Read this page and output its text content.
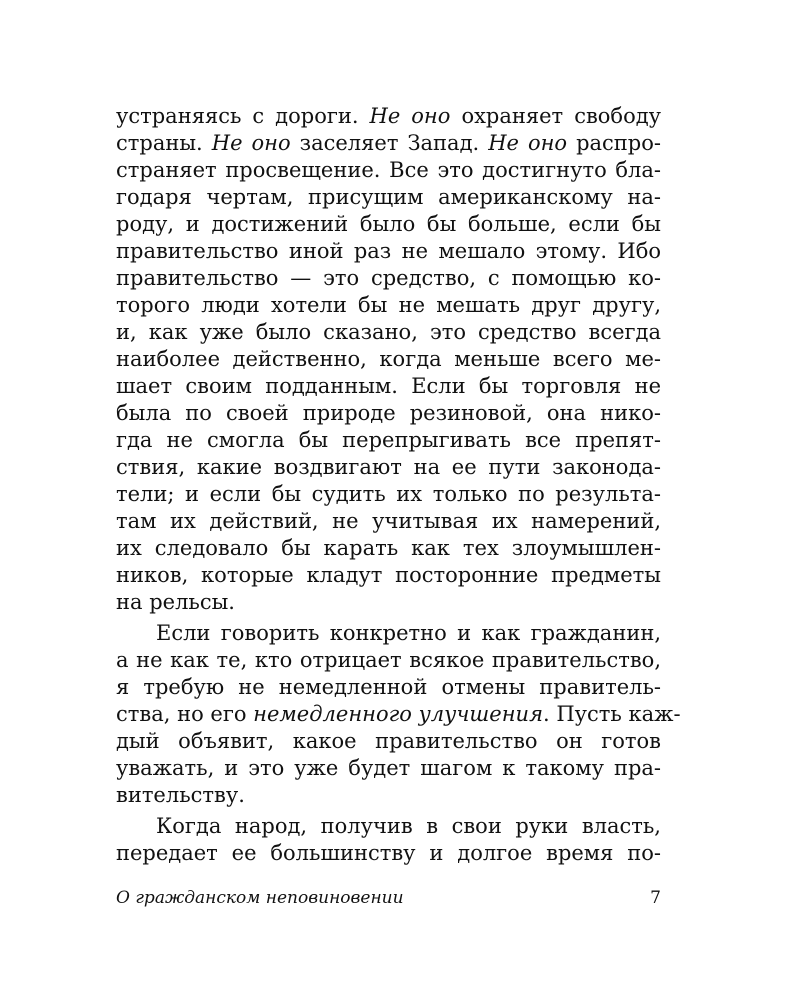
устраняясь с дороги. Не оно охраняет свободу
страны. Не оно заселяет Запад. Не оно распро-
страняет просвещение. Все это достигнуто бла-
годаря чертам, присущим американскому на-
роду, и достижений было бы больше, если бы
правительство иной раз не мешало этому. Ибо
правительство — это средство, с помощью ко-
торого люди хотели бы не мешать друг другу,
и, как уже было сказано, это средство всегда
наиболее действенно, когда меньше всего ме-
шает своим подданным. Если бы торговля не
была по своей природе резиновой, она нико-
гда не смогла бы перепрыгивать все препят-
ствия, какие воздвигают на ее пути законода-
тели; и если бы судить их только по результа-
там их действий, не учитывая их намерений,
их следовало бы карать как тех злоумышлен-
ников, которые кладут посторонние предметы
на рельсы.
Если говорить конкретно и как гражданин,
а не как те, кто отрицает всякое правительство,
я требую не немедленной отмены правитель-
ства, но его немедленного улучшения. Пусть каж-
дый объявит, какое правительство он готов
уважать, и это уже будет шагом к такому пра-
вительству.
Когда народ, получив в свои руки власть,
передает ее большинству и долгое время по-
О гражданском неповиновении	7
